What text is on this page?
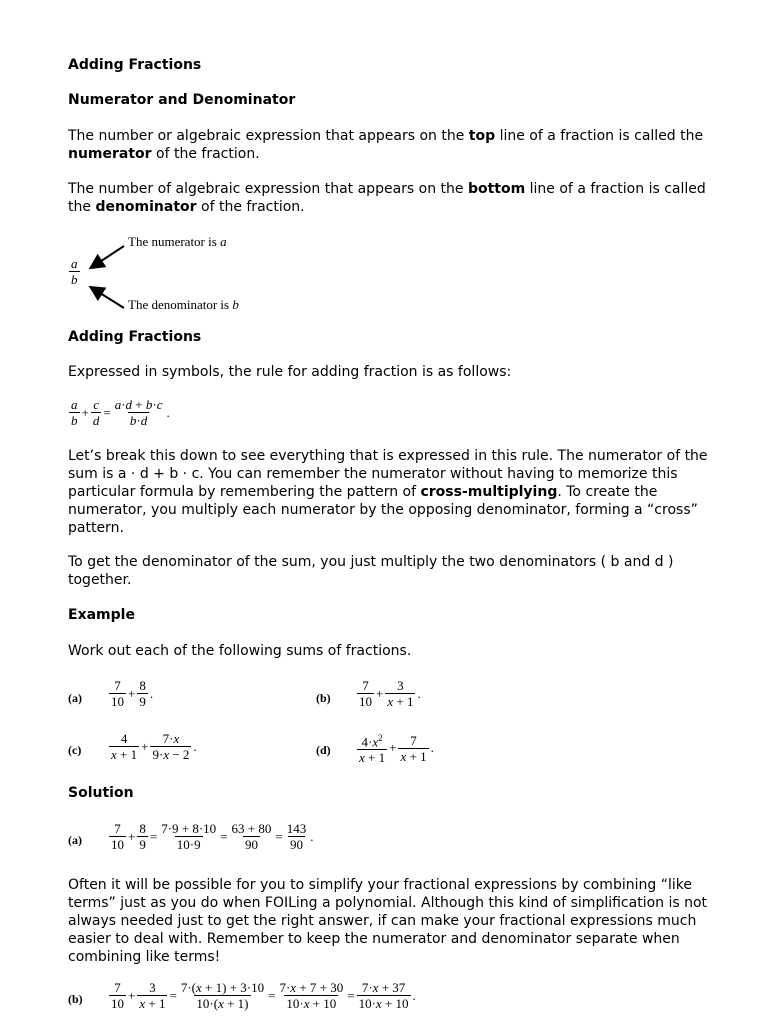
Adding Fractions
Numerator and Denominator
The number or algebraic expression that appears on the top line of a fraction is called the numerator of the fraction.
The number of algebraic expression that appears on the bottom line of a fraction is called the denominator of the fraction.
$\frac{a}{b}$
The numerator is a
The denominator is b
Adding Fractions
Expressed in symbols, the rule for adding fraction is as follows:
$\frac{a}{b} + \frac{c}{d} = \frac{a\cdot d + b\cdot c}{b\cdot d}$ .
Let’s break this down to see everything that is expressed in this rule. The numerator of the sum is a · d + b · c. You can remember the numerator without having to memorize this particular formula by remembering the pattern of cross-multiplying. To create the numerator, you multiply each numerator by the opposing denominator, forming a “cross” pattern.
To get the denominator of the sum, you just multiply the two denominators ( b and d ) together.
Example
Work out each of the following sums of fractions.
$(a) \frac{7}{10} + \frac{8}{9}$ .	$(b) \frac{7}{10} + \frac{3}{x + 1}$ .
$(c) \frac{4}{x + 1} + \frac{7\cdot x}{9\cdot x - 2}$ .	$(d) \frac{4\cdot x^2}{x + 1} + \frac{7}{x + 1}$ .
Solution
$(a) \frac{7}{10} + \frac{8}{9} = \frac{7\cdot 9 + 8\cdot 10}{10\cdot 9} = \frac{63 + 80}{90} = \frac{143}{90}$ .
Often it will be possible for you to simplify your fractional expressions by combining “like terms” just as you do when FOILing a polynomial. Although this kind of simplification is not always needed just to get the right answer, if can make your fractional expressions much easier to deal with. Remember to keep the numerator and denominator separate when combining like terms!
$(b) \frac{7}{10} + \frac{3}{x + 1} = \frac{7\cdot(x + 1) + 3\cdot 10}{10\cdot(x + 1)} = \frac{7\cdot x + 7 + 30}{10\cdot x + 10} = \frac{7\cdot x + 37}{10\cdot x + 10}$ .
